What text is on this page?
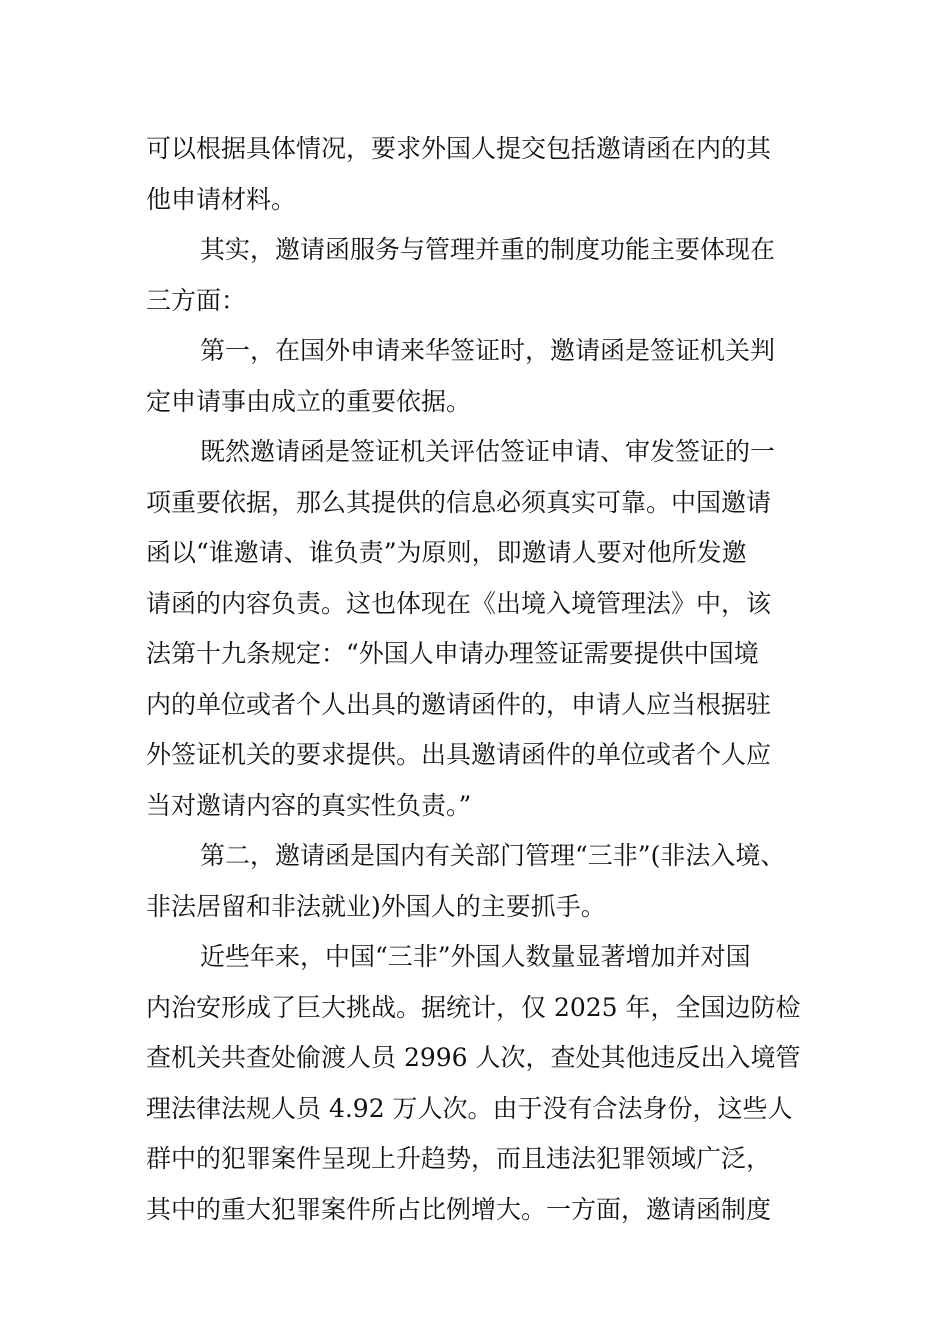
可以根据具体情况，要求外国人提交包括邀请函在内的其
他申请材料。
其实，邀请函服务与管理并重的制度功能主要体现在
三方面：
第一，在国外申请来华签证时，邀请函是签证机关判
定申请事由成立的重要依据。
既然邀请函是签证机关评估签证申请、审发签证的一
项重要依据，那么其提供的信息必须真实可靠。中国邀请
函以“谁邀请、谁负责”为原则，即邀请人要对他所发邀
请函的内容负责。这也体现在《出境入境管理法》中，该
法第十九条规定：“外国人申请办理签证需要提供中国境
内的单位或者个人出具的邀请函件的，申请人应当根据驻
外签证机关的要求提供。出具邀请函件的单位或者个人应
当对邀请内容的真实性负责。”
第二，邀请函是国内有关部门管理“三非”(非法入境、
非法居留和非法就业)外国人的主要抓手。
近些年来，中国“三非”外国人数量显著增加并对国
内治安形成了巨大挑战。据统计，仅 2025 年，全国边防检
查机关共查处偷渡人员 2996 人次，查处其他违反出入境管
理法律法规人员 4.92 万人次。由于没有合法身份，这些人
群中的犯罪案件呈现上升趋势，而且违法犯罪领域广泛，
其中的重大犯罪案件所占比例增大。一方面，邀请函制度
